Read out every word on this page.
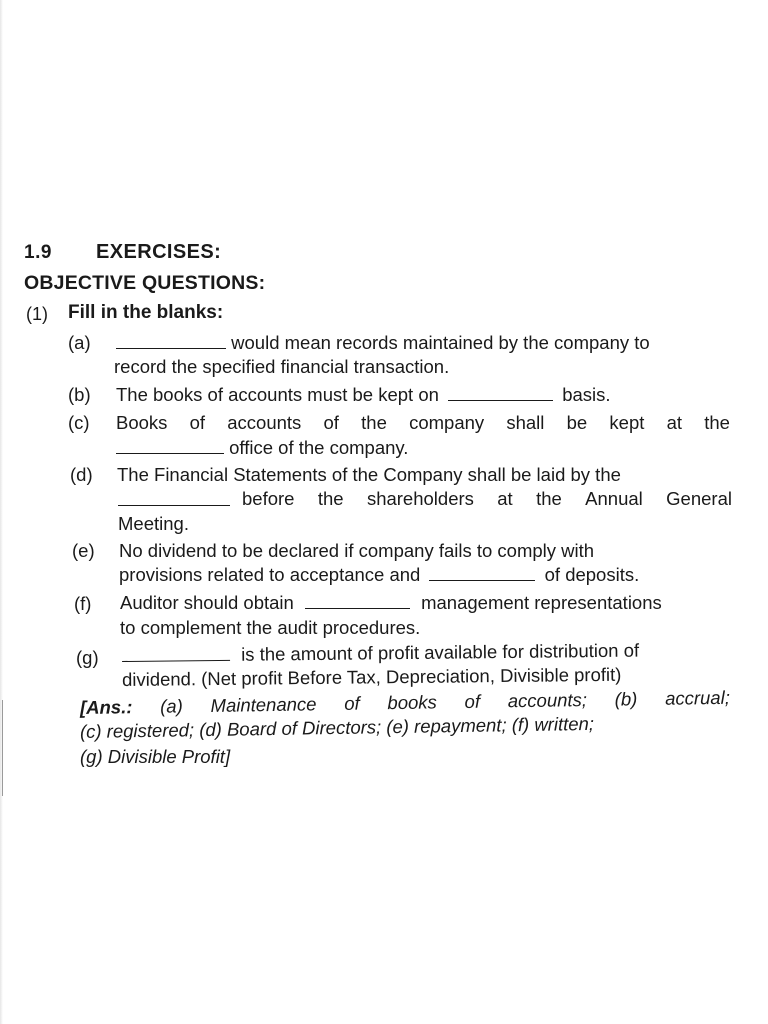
1.9 EXERCISES:
OBJECTIVE QUESTIONS:
(1) Fill in the blanks:
(a)	would mean records maintained by the company to
record the specified financial transaction.
(b) The books of accounts must be kept on	basis.
(c) Books of accounts of the company shall be kept at the
office of the company.
(d) The Financial Statements of the Company shall be laid by the
before the shareholders at the Annual General
Meeting.
(e) No dividend to be declared if company fails to comply with
provisions related to acceptance and	of deposits.
(f) Auditor should obtain	management representations
to complement the audit procedures.
(g)	is the amount of profit available for distribution of
dividend. (Net profit Before Tax, Depreciation, Divisible profit)
[Ans.: (a) Maintenance of books of accounts; (b) accrual;
(c) registered; (d) Board of Directors; (e) repayment; (f) written;
(g) Divisible Profit]
